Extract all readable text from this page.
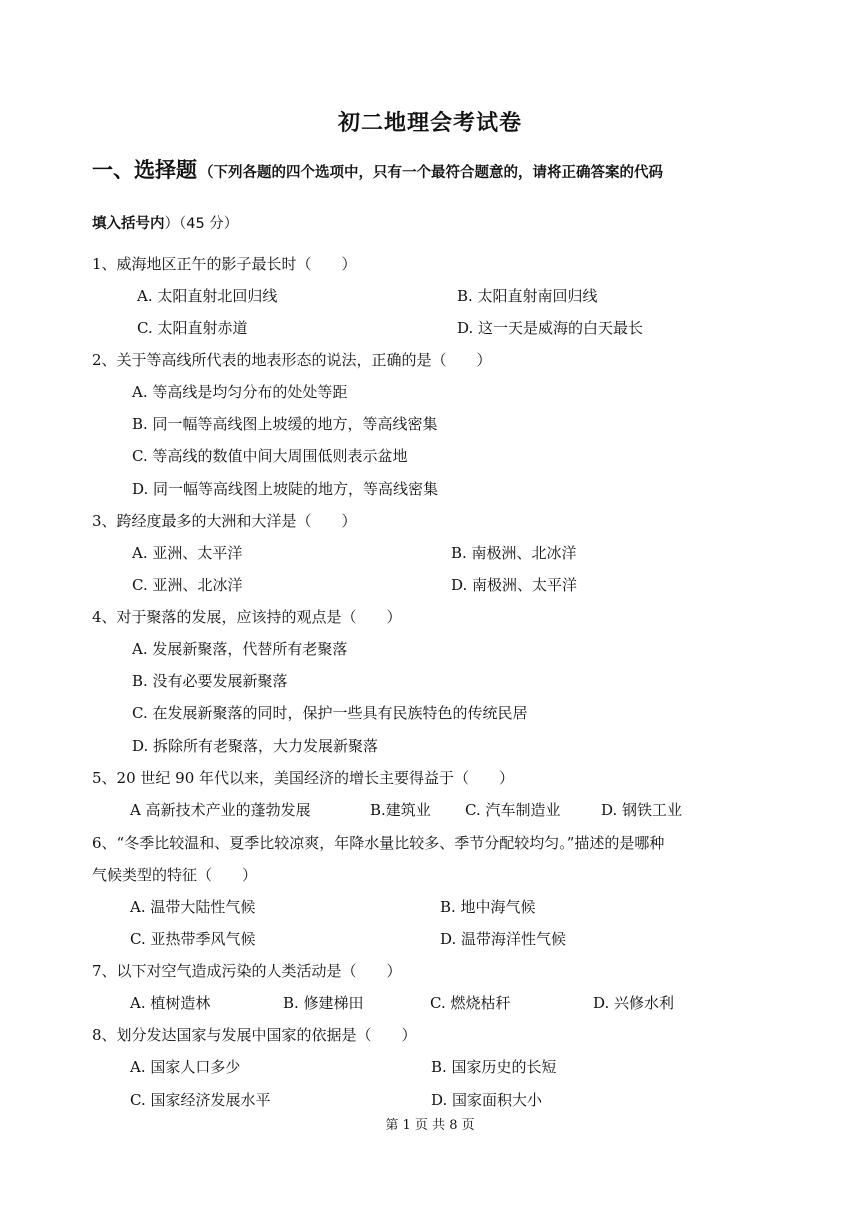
初二地理会考试卷
一、选择题 （下列各题的四个选项中，只有一个最符合题意的，请将正确答案的代码
填入括号内）（45 分）
1、威海地区正午的影子最长时（　　）
A. 太阳直射北回归线	B. 太阳直射南回归线
C. 太阳直射赤道	D. 这一天是威海的白天最长
2、关于等高线所代表的地表形态的说法，正确的是（　　）
A. 等高线是均匀分布的处处等距
B. 同一幅等高线图上坡缓的地方，等高线密集
C. 等高线的数值中间大周围低则表示盆地
D. 同一幅等高线图上坡陡的地方，等高线密集
3、跨经度最多的大洲和大洋是（　　）
A. 亚洲、太平洋	B. 南极洲、北冰洋
C. 亚洲、北冰洋	D. 南极洲、太平洋
4、对于聚落的发展，应该持的观点是（　　）
A. 发展新聚落，代替所有老聚落
B. 没有必要发展新聚落
C. 在发展新聚落的同时，保护一些具有民族特色的传统民居
D. 拆除所有老聚落，大力发展新聚落
5、20 世纪 90 年代以来，美国经济的增长主要得益于（　　）
A 高新技术产业的蓬勃发展	B.建筑业 C. 汽车制造业	D. 钢铁工业
6、“冬季比较温和、夏季比较凉爽，年降水量比较多、季节分配较均匀。”描述的是哪种
气候类型的特征（　　）
A. 温带大陆性气候	B. 地中海气候
C. 亚热带季风气候	D. 温带海洋性气候
7、以下对空气造成污染的人类活动是（　　）
A. 植树造林	B. 修建梯田	C. 燃烧枯秆	D. 兴修水利
8、划分发达国家与发展中国家的依据是（　　）
A. 国家人口多少	B. 国家历史的长短
C. 国家经济发展水平	D. 国家面积大小
第 1 页 共 8 页
